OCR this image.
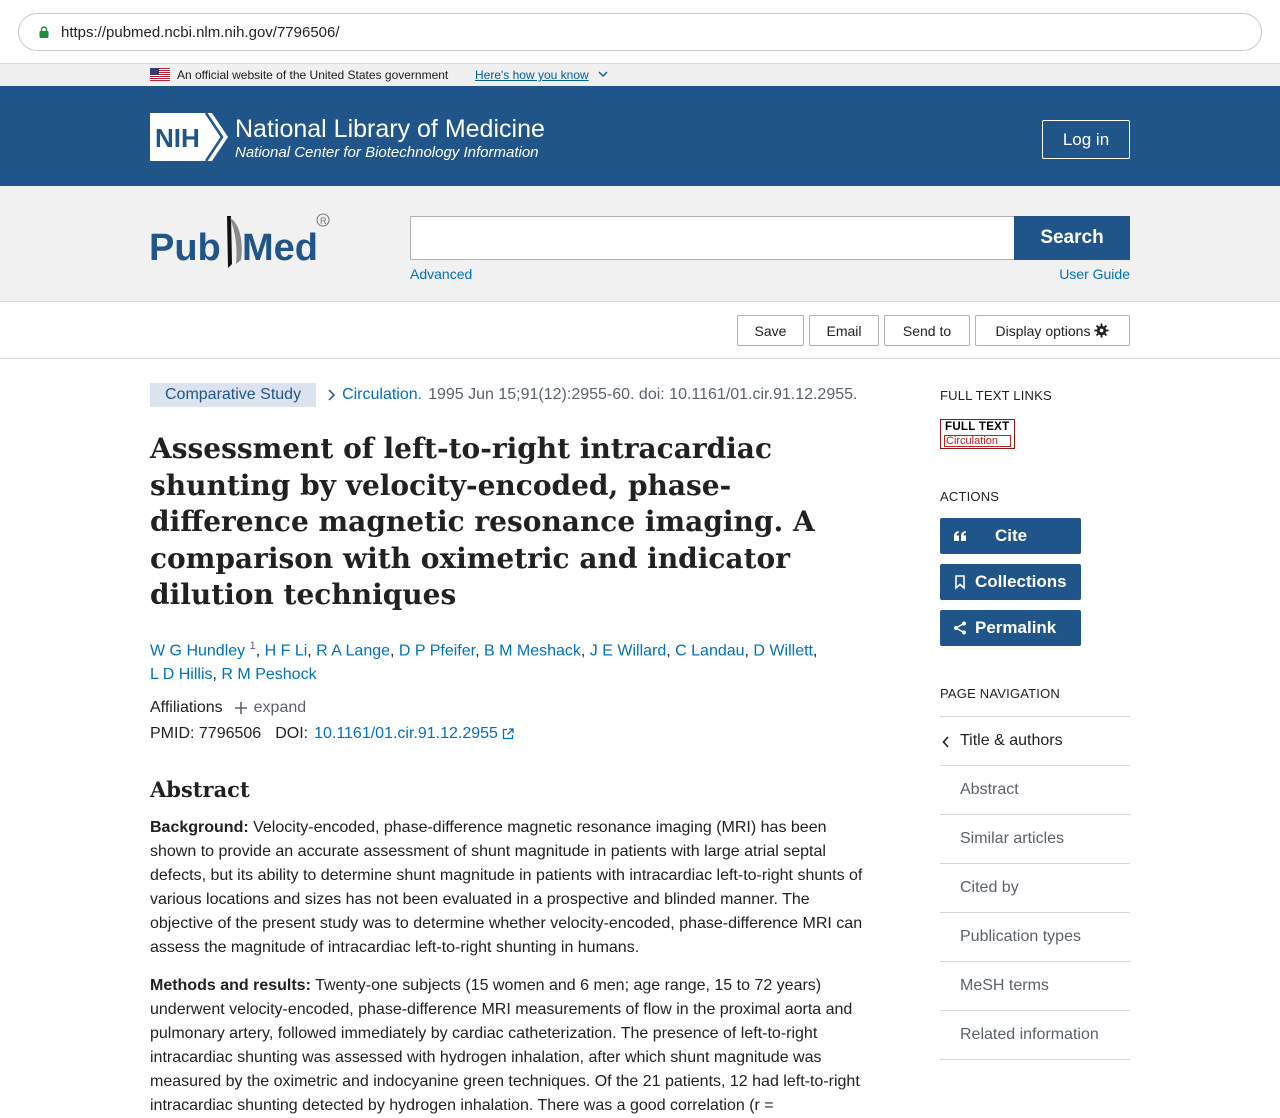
https://pubmed.ncbi.nlm.nih.gov/7796506/
An official website of the United States government Here's how you know
NIH National Library of Medicine
National Center for Biotechnology Information
Log in
Pub Med
R
Search
Advanced	User Guide
Save	Email	Send to	Display options
Comparative Study	Circulation. 1995 Jun 15;91(12):2955-60. doi: 10.1161/01.cir.91.12.2955.
Assessment of left-to-right intracardiac shunting by velocity-encoded, phase-difference magnetic resonance imaging. A comparison with oximetric and indicator dilution techniques
W G Hundley $^1$, H F Li, R A Lange, D P Pfeifer, B M Meshack, J E Willard, C Landau, D Willett,
L D Hillis, R M Peshock
Affiliations expand
PMID: 7796506 DOI: 10.1161/01.cir.91.12.2955
Abstract

Background: Velocity-encoded, phase-difference magnetic resonance imaging (MRI) has been shown to provide an accurate assessment of shunt magnitude in patients with large atrial septal defects, but its ability to determine shunt magnitude in patients with intracardiac left-to-right shunts of various locations and sizes has not been evaluated in a prospective and blinded manner. The objective of the present study was to determine whether velocity-encoded, phase-difference MRI can assess the magnitude of intracardiac left-to-right shunting in humans.

Methods and results: Twenty-one subjects (15 women and 6 men; age range, 15 to 72 years) underwent velocity-encoded, phase-difference MRI measurements of flow in the proximal aorta and pulmonary artery, followed immediately by cardiac catheterization. The presence of left-to-right intracardiac shunting was assessed with hydrogen inhalation, after which shunt magnitude was measured by the oximetric and indocyanine green techniques. Of the 21 patients, 12 had left-to-right intracardiac shunting detected by hydrogen inhalation. There was a good correlation (r =

FULL TEXT LINKS
FULL TEXT
Circulation
ACTIONS
Cite
Collections
Permalink
PAGE NAVIGATION
Title & authors
Abstract
Similar articles
Cited by
Publication types
MeSH terms
Related information
